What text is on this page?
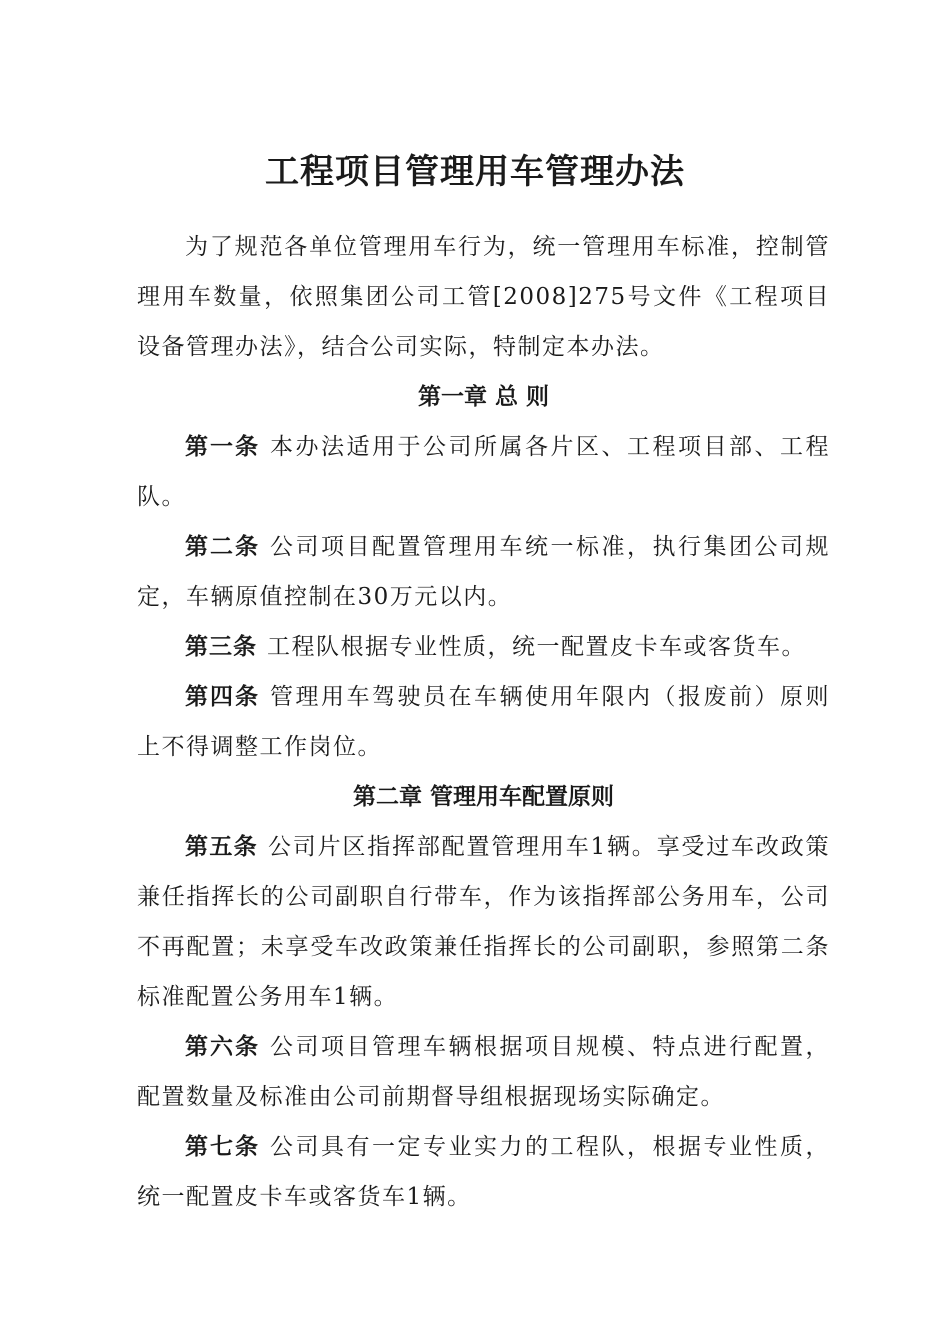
工程项目管理用车管理办法

为了规范各单位管理用车行为，统一管理用车标准，控制管理用车数量，依照集团公司工管[2008]275号文件《工程项目设备管理办法》，结合公司实际，特制定本办法。

第一章 总 则

第一条 本办法适用于公司所属各片区、工程项目部、工程队。

第二条 公司项目配置管理用车统一标准，执行集团公司规定，车辆原值控制在30万元以内。

第三条 工程队根据专业性质，统一配置皮卡车或客货车。

第四条 管理用车驾驶员在车辆使用年限内（报废前）原则上不得调整工作岗位。

第二章 管理用车配置原则

第五条 公司片区指挥部配置管理用车1辆。享受过车改政策兼任指挥长的公司副职自行带车，作为该指挥部公务用车，公司不再配置；未享受车改政策兼任指挥长的公司副职，参照第二条标准配置公务用车1辆。

第六条 公司项目管理车辆根据项目规模、特点进行配置，配置数量及标准由公司前期督导组根据现场实际确定。

第七条 公司具有一定专业实力的工程队，根据专业性质，统一配置皮卡车或客货车1辆。
